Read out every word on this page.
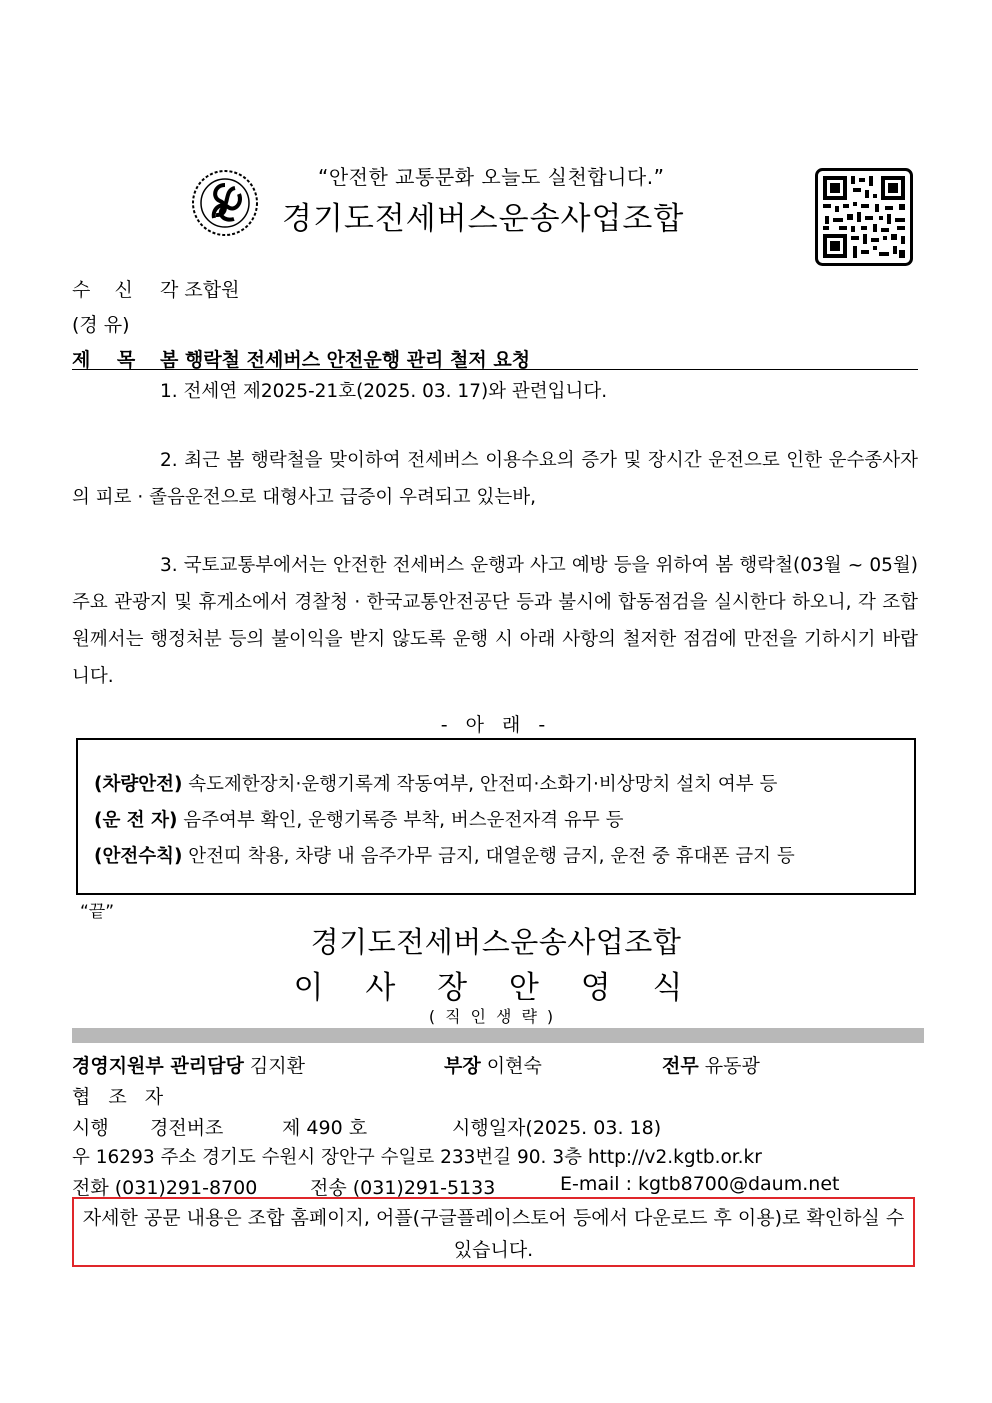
“안전한 교통문화 오늘도 실천합니다.”
경기도전세버스운송사업조합
수    신 각 조합원
(경 유)
제    목 봄 행락철 전세버스 안전운행 관리 철저 요청
1. 전세연 제2025-21호(2025. 03. 17)와 관련입니다.
2. 최근 봄 행락철을 맞이하여 전세버스 이용수요의 증가 및 장시간 운전으로 인한 운수종사자의 피로 · 졸음운전으로 대형사고 급증이 우려되고 있는바,
3. 국토교통부에서는 안전한 전세버스 운행과 사고 예방 등을 위하여 봄 행락철(03월 ~ 05월) 주요 관광지 및 휴게소에서 경찰청 · 한국교통안전공단 등과 불시에 합동점검을 실시한다 하오니, 각 조합원께서는 행정처분 등의 불이익을 받지 않도록 운행 시 아래 사항의 철저한 점검에 만전을 기하시기 바랍니다.
- 아 래 -
(차량안전) 속도제한장치·운행기록계 작동여부, 안전띠·소화기·비상망치 설치 여부 등
(운 전 자) 음주여부 확인, 운행기록증 부착, 버스운전자격 유무 등
(안전수칙) 안전띠 착용, 차량 내 음주가무 금지, 대열운행 금지, 운전 중 휴대폰 금지 등
“끝”
경기도전세버스운송사업조합
이 사 장 안 영 식
(직인생략)
경영지원부 관리담당 김지환	부장 이현숙	전무 유동광
협 조 자
시행 경전버조	제 490 호	시행일자(2025. 03. 18)
우 16293 주소 경기도 수원시 장안구 수일로 233번길 90. 3층 http://v2.kgtb.or.kr
전화 (031)291-8700	전송 (031)291-5133	E-mail : kgtb8700@daum.net
자세한 공문 내용은 조합 홈페이지, 어플(구글플레이스토어 등에서 다운로드 후 이용)로 확인하실 수 있습니다.
